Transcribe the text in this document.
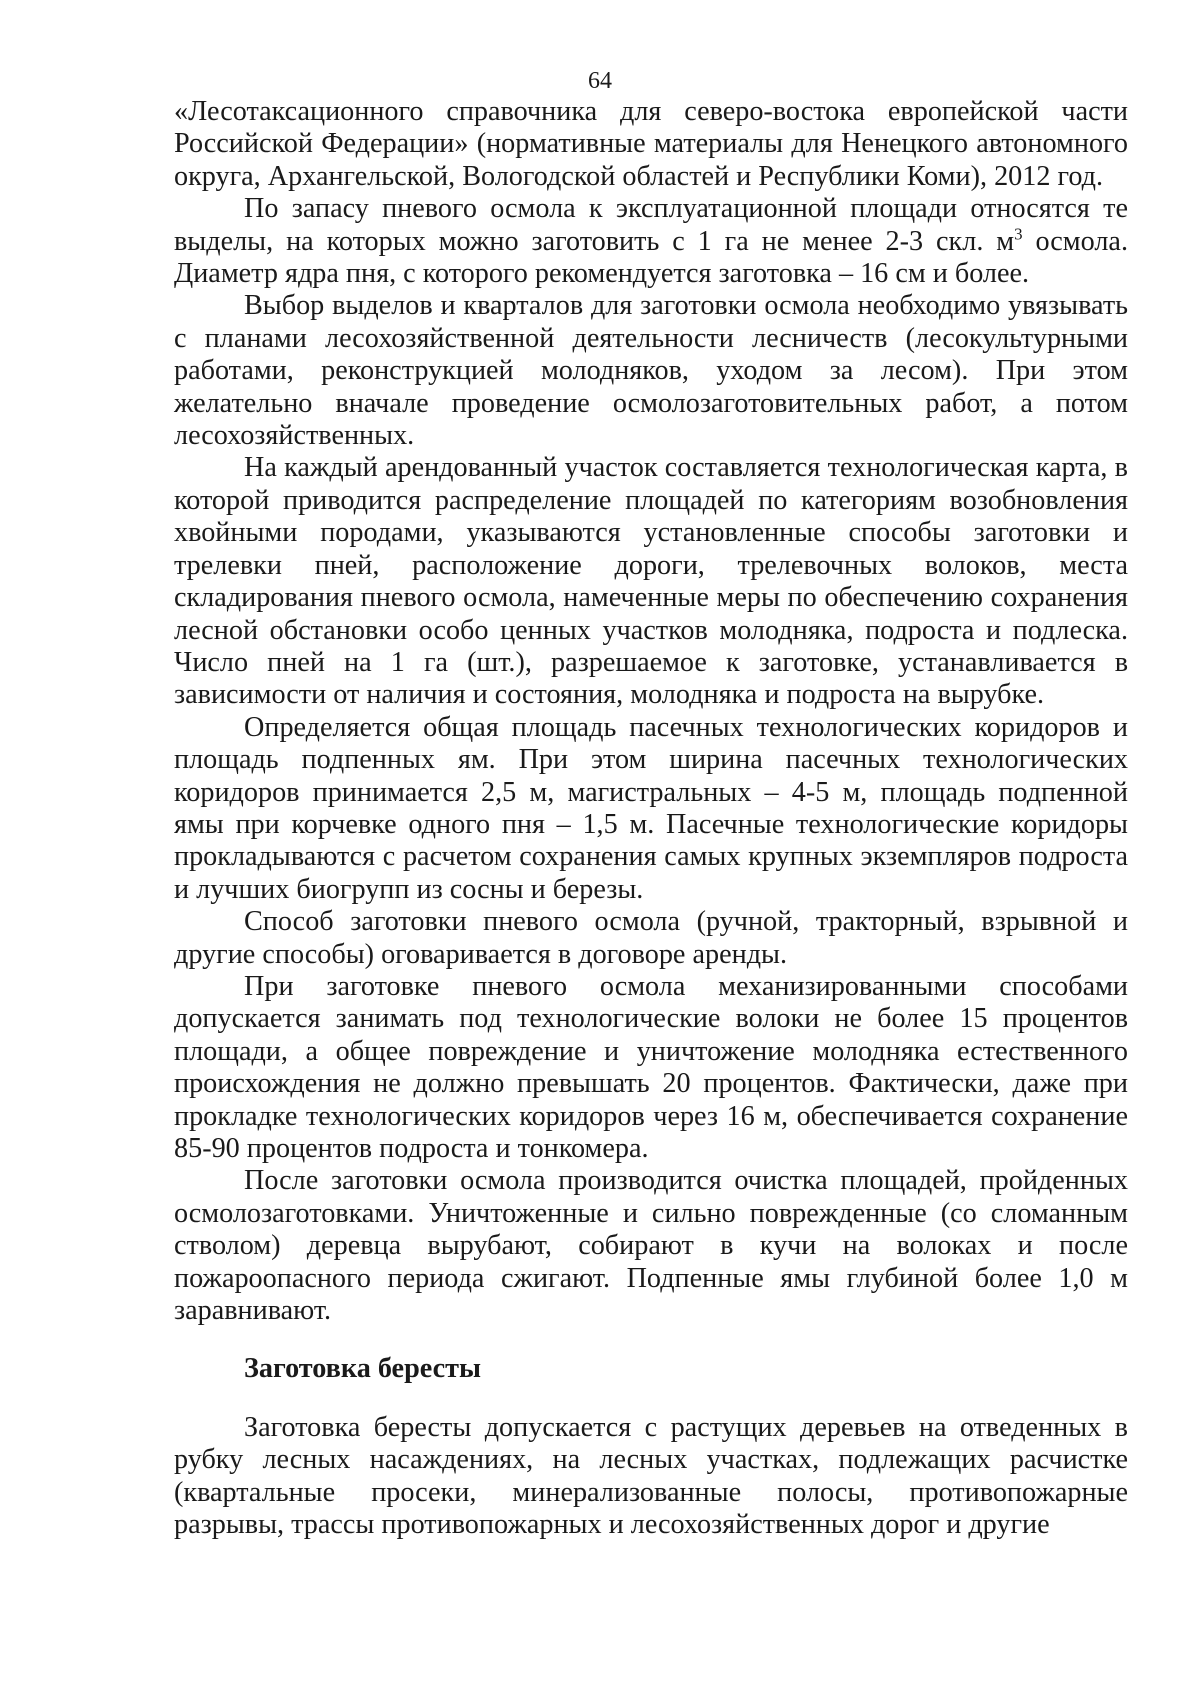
64

«Лесотаксационного справочника для северо-востока европейской части Российской Федерации» (нормативные материалы для Ненецкого автономного округа, Архангельской, Вологодской областей и Республики Коми), 2012 год.

По запасу пневого осмола к эксплуатационной площади относятся те выделы, на которых можно заготовить с 1 га не менее 2-3 скл. $м^3$ осмола. Диаметр ядра пня, с которого рекомендуется заготовка – 16 см и более.

Выбор выделов и кварталов для заготовки осмола необходимо увязывать с планами лесохозяйственной деятельности лесничеств (лесокультурными работами, реконструкцией молодняков, уходом за лесом). При этом желательно вначале проведение осмолозаготовительных работ, а потом лесохозяйственных.

На каждый арендованный участок составляется технологическая карта, в которой приводится распределение площадей по категориям возобновления хвойными породами, указываются установленные способы заготовки и трелевки пней, расположение дороги, трелевочных волоков, места складирования пневого осмола, намеченные меры по обеспечению сохранения лесной обстановки особо ценных участков молодняка, подроста и подлеска. Число пней на 1 га (шт.), разрешаемое к заготовке, устанавливается в зависимости от наличия и состояния, молодняка и подроста на вырубке.

Определяется общая площадь пасечных технологических коридоров и площадь подпенных ям. При этом ширина пасечных технологических коридоров принимается 2,5 м, магистральных – 4-5 м, площадь подпенной ямы при корчевке одного пня – 1,5 м. Пасечные технологические коридоры прокладываются с расчетом сохранения самых крупных экземпляров подроста и лучших биогрупп из сосны и березы.

Способ заготовки пневого осмола (ручной, тракторный, взрывной и другие способы) оговаривается в договоре аренды.

При заготовке пневого осмола механизированными способами допускается занимать под технологические волоки не более 15 процентов площади, а общее повреждение и уничтожение молодняка естественного происхождения не должно превышать 20 процентов. Фактически, даже при прокладке технологических коридоров через 16 м, обеспечивается сохранение 85-90 процентов подроста и тонкомера.

После заготовки осмола производится очистка площадей, пройденных осмолозаготовками. Уничтоженные и сильно поврежденные (со сломанным стволом) деревца вырубают, собирают в кучи на волоках и после пожароопасного периода сжигают. Подпенные ямы глубиной более 1,0 м заравнивают.

Заготовка бересты

Заготовка бересты допускается с растущих деревьев на отведенных в рубку лесных насаждениях, на лесных участках, подлежащих расчистке (квартальные просеки, минерализованные полосы, противопожарные разрывы, трассы противопожарных и лесохозяйственных дорог и другие
